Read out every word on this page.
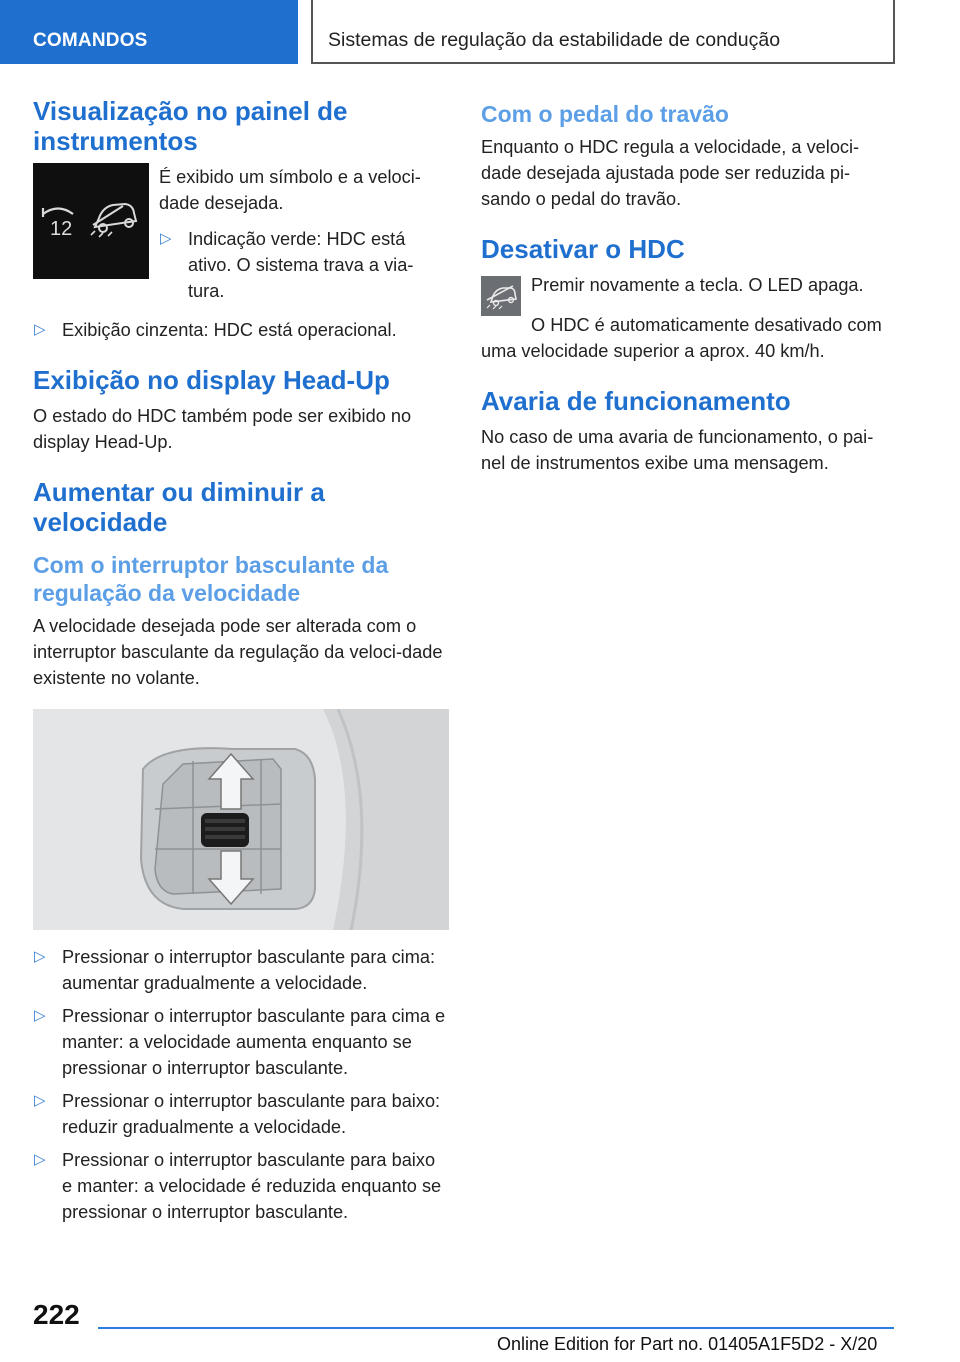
COMANDOS	Sistemas de regulação da estabilidade de condução
Visualização no painel de instrumentos
12

É exibido um símbolo e a veloci-dade desejada.

▷ Indicação verde: HDC está ativo. O sistema trava a via-tura.
▷ Exibição cinzenta: HDC está operacional.
Exibição no display Head-Up

O estado do HDC também pode ser exibido no display Head-Up.

Aumentar ou diminuir a velocidade
Com o interruptor basculante da regulação da velocidade

A velocidade desejada pode ser alterada com o interruptor basculante da regulação da veloci-dade existente no volante.

▷ Pressionar o interruptor basculante para cima: aumentar gradualmente a velocidade.
▷ Pressionar o interruptor basculante para cima e manter: a velocidade aumenta enquanto se pressionar o interruptor basculante.
▷ Pressionar o interruptor basculante para baixo: reduzir gradualmente a velocidade.
▷ Pressionar o interruptor basculante para baixo e manter: a velocidade é reduzida enquanto se pressionar o interruptor basculante.
Com o pedal do travão

Enquanto o HDC regula a velocidade, a veloci-dade desejada ajustada pode ser reduzida pi-sando o pedal do travão.

Desativar o HDC

Premir novamente a tecla. O LED apaga.

O HDC é automaticamente desativado com uma velocidade superior a aprox. 40 km/h.

Avaria de funcionamento

No caso de uma avaria de funcionamento, o pai-nel de instrumentos exibe uma mensagem.

222
Online Edition for Part no. 01405A1F5D2 - X/20
